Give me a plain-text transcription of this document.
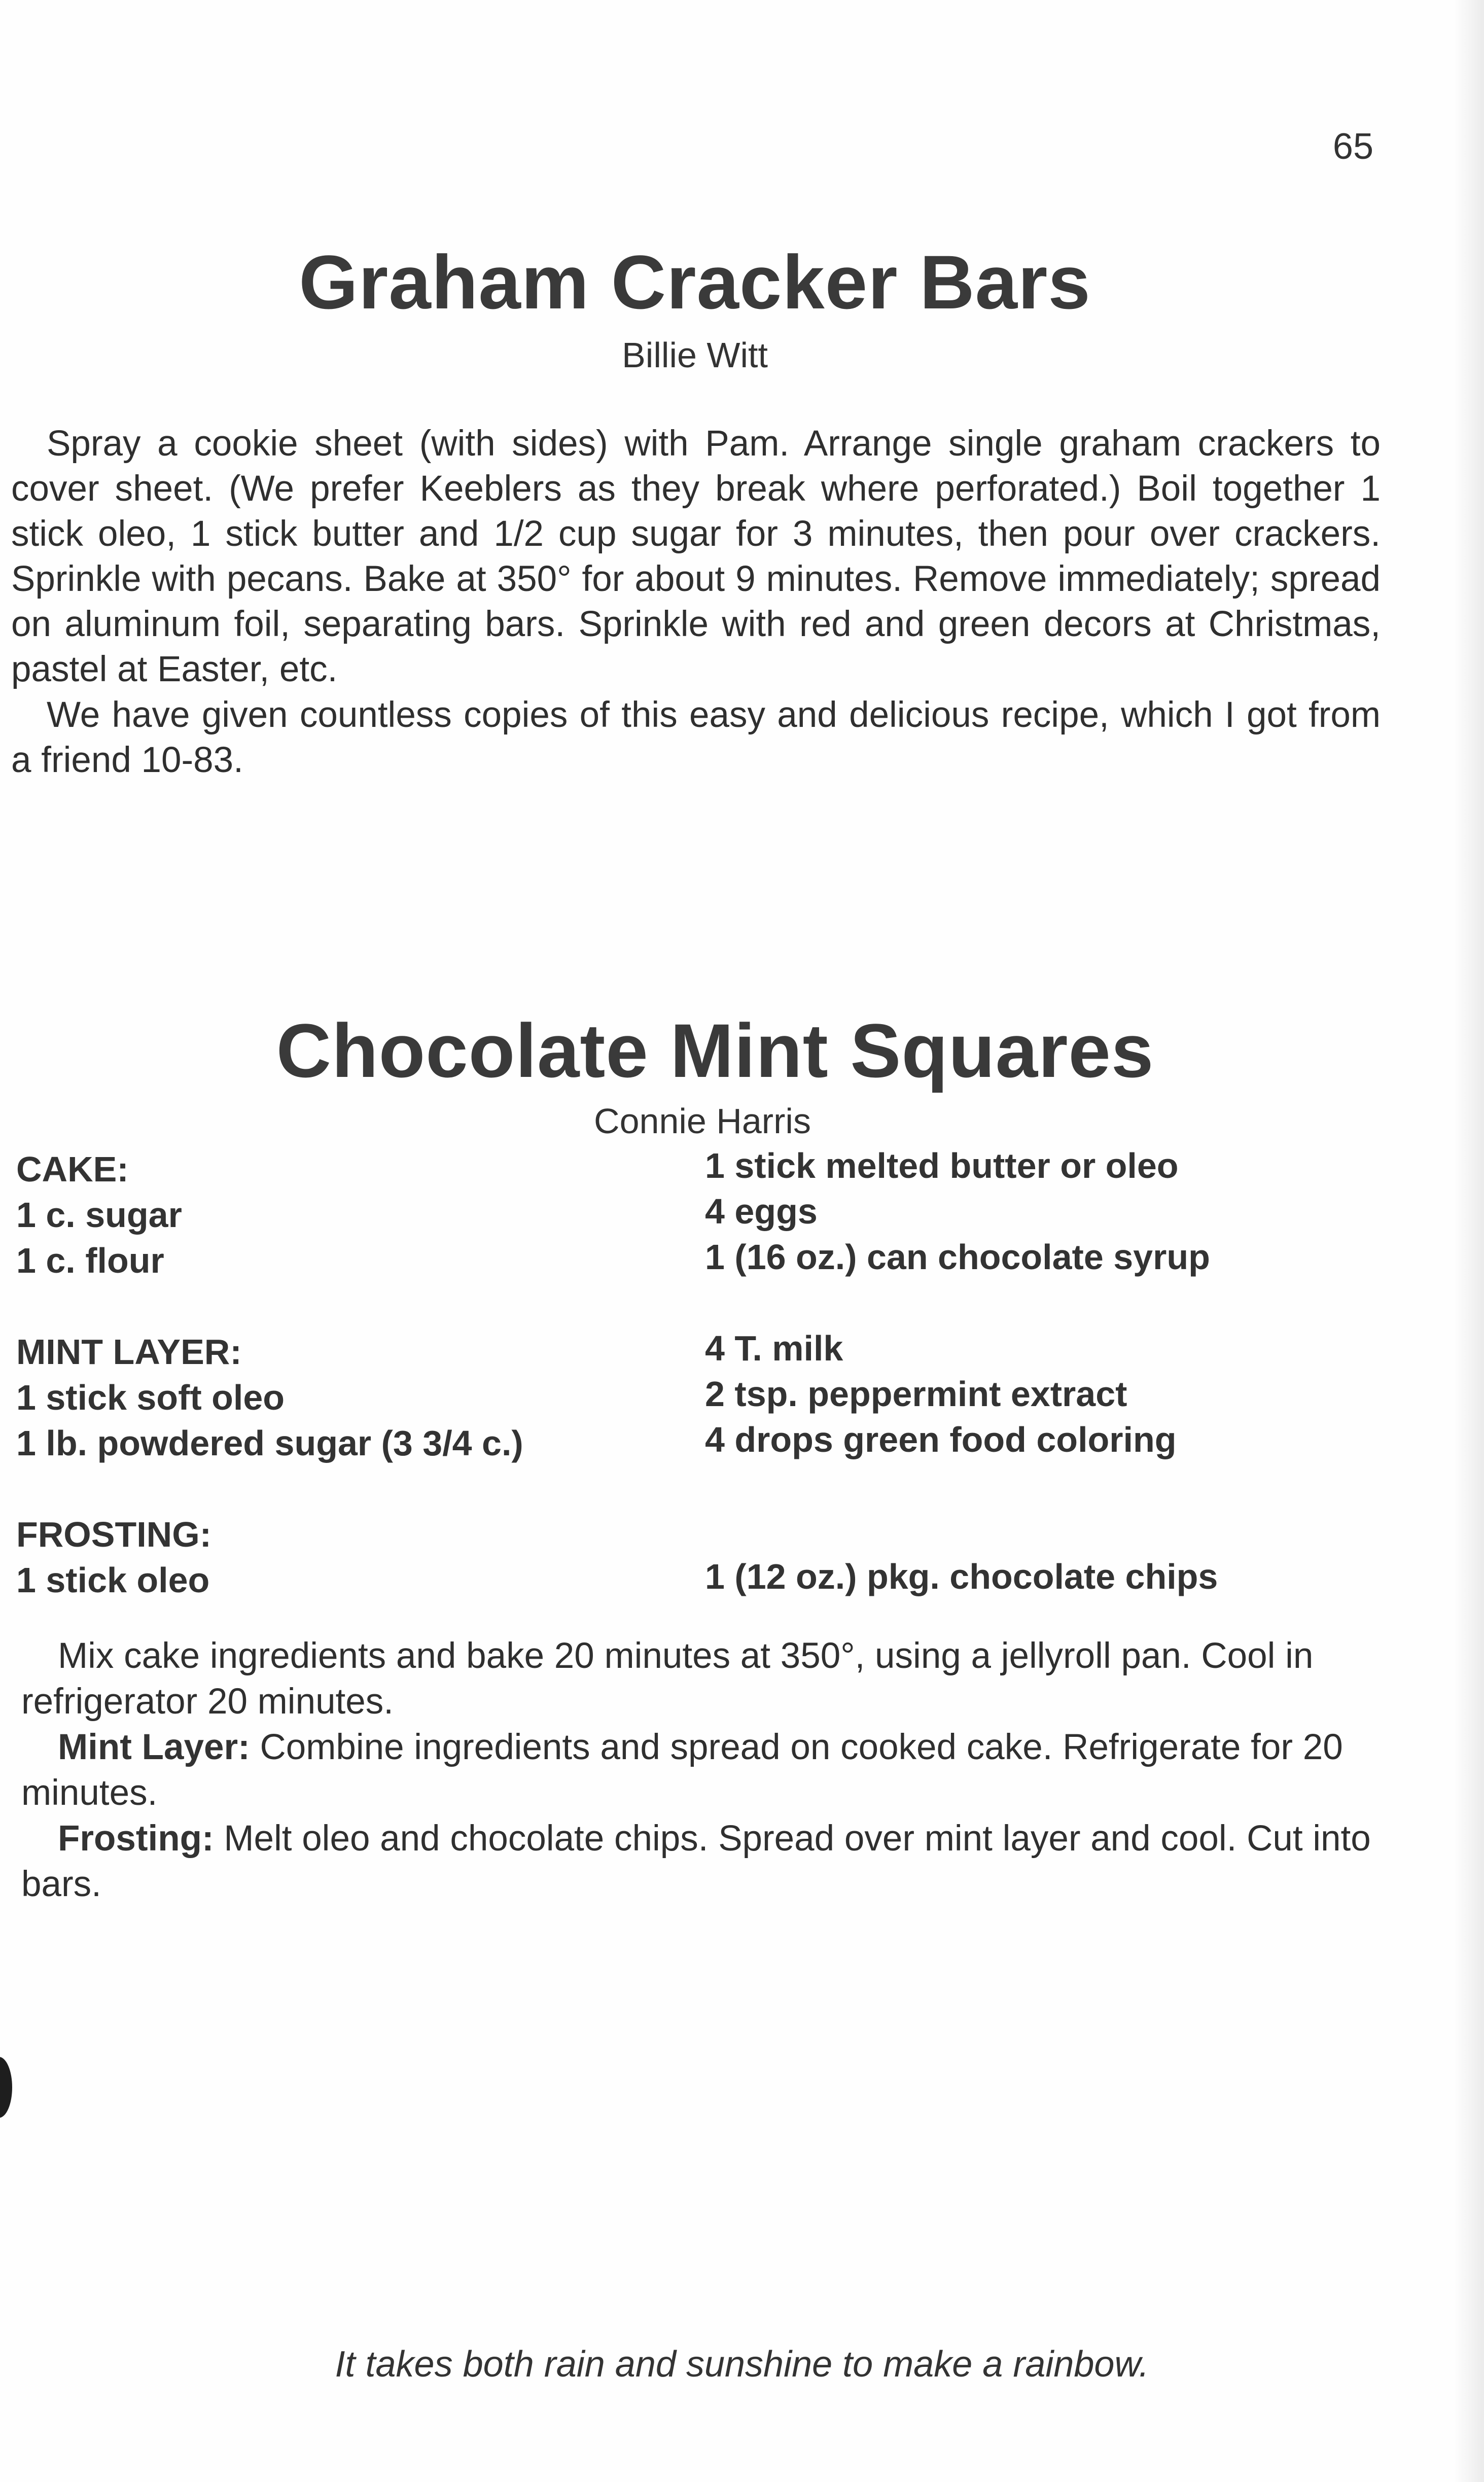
65
Graham Cracker Bars
Billie Witt
Spray a cookie sheet (with sides) with Pam. Arrange single graham crackers to cover sheet. (We prefer Keeblers as they break where perforated.) Boil together 1 stick oleo, 1 stick butter and 1/2 cup sugar for 3 minutes, then pour over crackers. Sprinkle with pecans. Bake at 350° for about 9 minutes. Remove immediately; spread on aluminum foil, separating bars. Sprinkle with red and green decors at Christmas, pastel at Easter, etc.
We have given countless copies of this easy and delicious recipe, which I got from a friend 10-83.
Chocolate Mint Squares
Connie Harris
CAKE:
1 c. sugar
1 c. flour
1 stick melted butter or oleo
4 eggs
1 (16 oz.) can chocolate syrup
MINT LAYER:
1 stick soft oleo
1 lb. powdered sugar (3 3/4 c.)
4 T. milk
2 tsp. peppermint extract
4 drops green food coloring
FROSTING:
1 stick oleo	1 (12 oz.) pkg. chocolate chips
Mix cake ingredients and bake 20 minutes at 350°, using a jellyroll pan. Cool in refrigerator 20 minutes.
Mint Layer: Combine ingredients and spread on cooked cake. Refrigerate for 20 minutes.
Frosting: Melt oleo and chocolate chips. Spread over mint layer and cool. Cut into bars.
It takes both rain and sunshine to make a rainbow.
